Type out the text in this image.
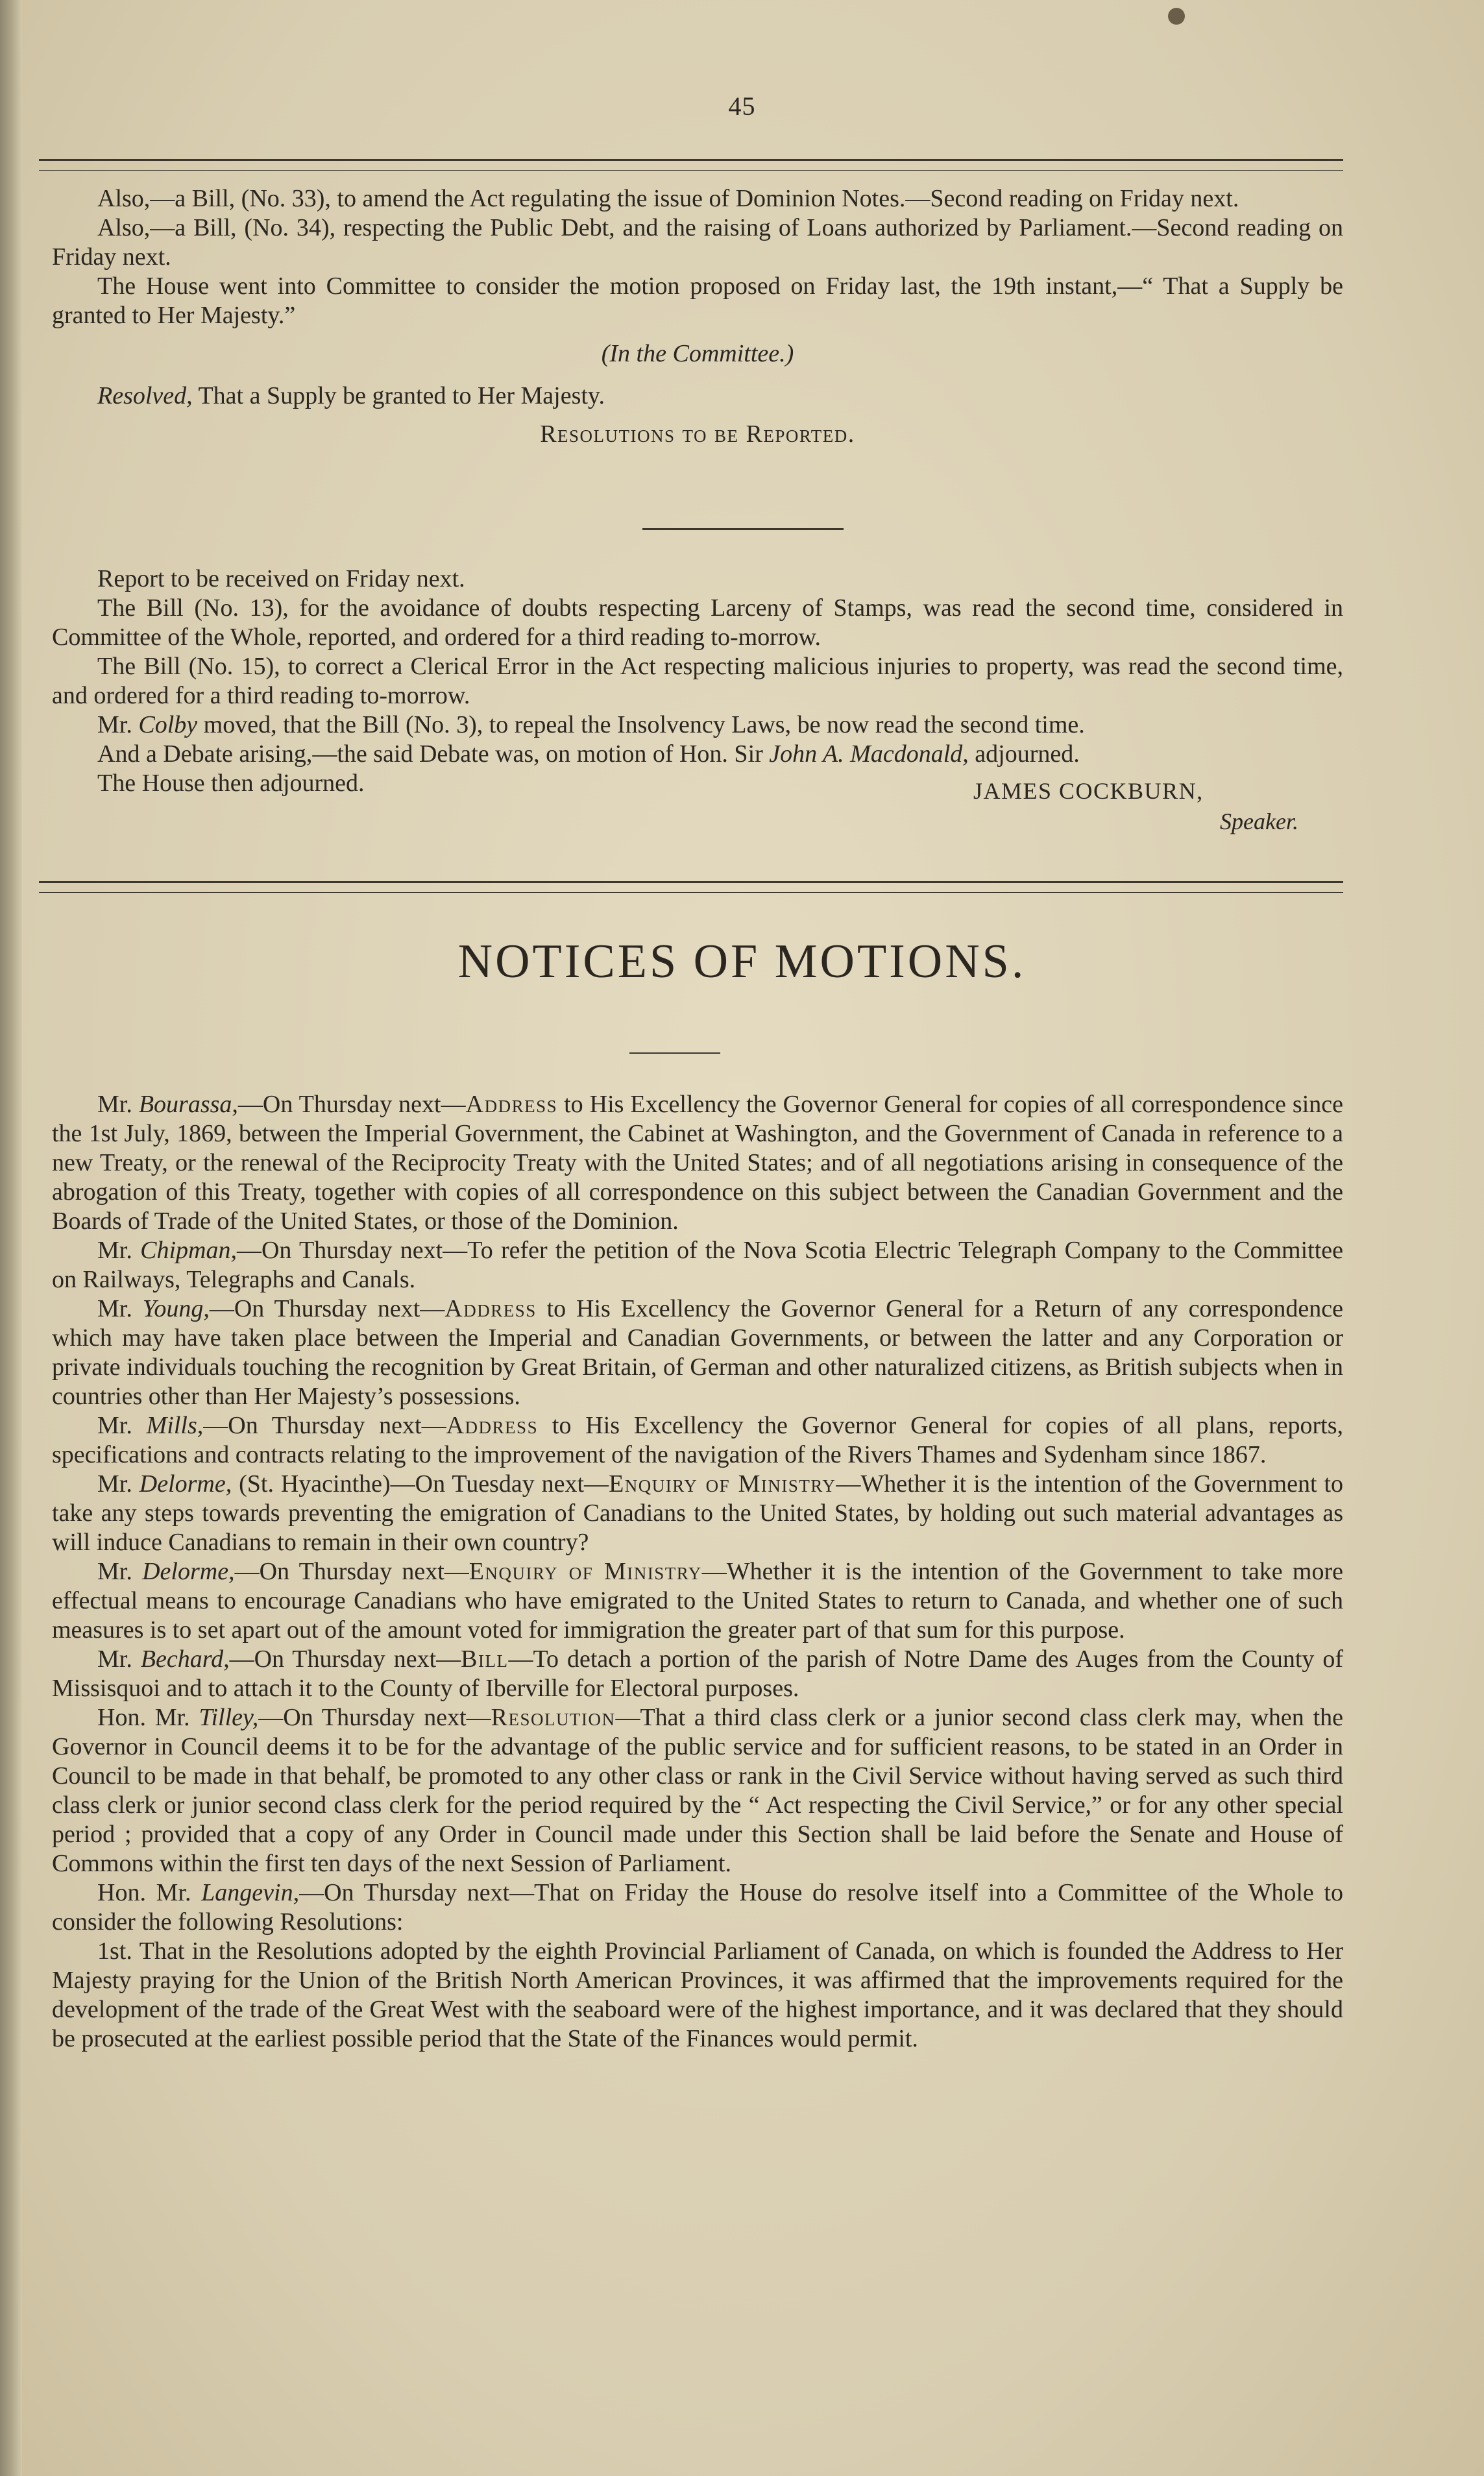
45

Also,—a Bill, (No. 33), to amend the Act regulating the issue of Dominion Notes.—Second reading on Friday next.

Also,—a Bill, (No. 34), respecting the Public Debt, and the raising of Loans authorized by Parliament.—Second reading on Friday next.

The House went into Committee to consider the motion proposed on Friday last, the 19th instant,—“ That a Supply be granted to Her Majesty.”

(In the Committee.)

Resolved, That a Supply be granted to Her Majesty.

Resolutions to be Reported.

Report to be received on Friday next.

The Bill (No. 13), for the avoidance of doubts respecting Larceny of Stamps, was read the second time, considered in Committee of the Whole, reported, and ordered for a third reading to-morrow.

The Bill (No. 15), to correct a Clerical Error in the Act respecting malicious injuries to property, was read the second time, and ordered for a third reading to-morrow.

Mr. Colby moved, that the Bill (No. 3), to repeal the Insolvency Laws, be now read the second time.

And a Debate arising,—the said Debate was, on motion of Hon. Sir John A. Macdonald, adjourned.

The House then adjourned.	JAMES COCKBURN,
Speaker.
NOTICES OF MOTIONS.

Mr. Bourassa,—On Thursday next—Address to His Excellency the Governor General for copies of all correspondence since the 1st July, 1869, between the Imperial Government, the Cabinet at Washington, and the Government of Canada in reference to a new Treaty, or the renewal of the Reciprocity Treaty with the United States; and of all negotiations arising in consequence of the abrogation of this Treaty, together with copies of all correspondence on this subject between the Canadian Government and the Boards of Trade of the United States, or those of the Dominion.

Mr. Chipman,—On Thursday next—To refer the petition of the Nova Scotia Electric Telegraph Company to the Committee on Railways, Telegraphs and Canals.

Mr. Young,—On Thursday next—Address to His Excellency the Governor General for a Return of any correspondence which may have taken place between the Imperial and Canadian Governments, or between the latter and any Corporation or private individuals touching the recognition by Great Britain, of German and other naturalized citizens, as British subjects when in countries other than Her Majesty’s possessions.

Mr. Mills,—On Thursday next—Address to His Excellency the Governor General for copies of all plans, reports, specifications and contracts relating to the improvement of the navigation of the Rivers Thames and Sydenham since 1867.

Mr. Delorme, (St. Hyacinthe)—On Tuesday next—Enquiry of Ministry—Whether it is the intention of the Government to take any steps towards preventing the emigration of Canadians to the United States, by holding out such material advantages as will induce Canadians to remain in their own country?

Mr. Delorme,—On Thursday next—Enquiry of Ministry—Whether it is the intention of the Government to take more effectual means to encourage Canadians who have emigrated to the United States to return to Canada, and whether one of such measures is to set apart out of the amount voted for immigration the greater part of that sum for this purpose.

Mr. Bechard,—On Thursday next—Bill—To detach a portion of the parish of Notre Dame des Auges from the County of Missisquoi and to attach it to the County of Iberville for Electoral purposes.

Hon. Mr. Tilley,—On Thursday next—Resolution—That a third class clerk or a junior second class clerk may, when the Governor in Council deems it to be for the advantage of the public service and for sufficient reasons, to be stated in an Order in Council to be made in that behalf, be promoted to any other class or rank in the Civil Service without having served as such third class clerk or junior second class clerk for the period required by the “ Act respecting the Civil Service,” or for any other special period ; provided that a copy of any Order in Council made under this Section shall be laid before the Senate and House of Commons within the first ten days of the next Session of Parliament.

Hon. Mr. Langevin,—On Thursday next—That on Friday the House do resolve itself into a Committee of the Whole to consider the following Resolutions:

1st. That in the Resolutions adopted by the eighth Provincial Parliament of Canada, on which is founded the Address to Her Majesty praying for the Union of the British North American Provinces, it was affirmed that the improvements required for the development of the trade of the Great West with the seaboard were of the highest importance, and it was declared that they should be prosecuted at the earliest possible period that the State of the Finances would permit.
